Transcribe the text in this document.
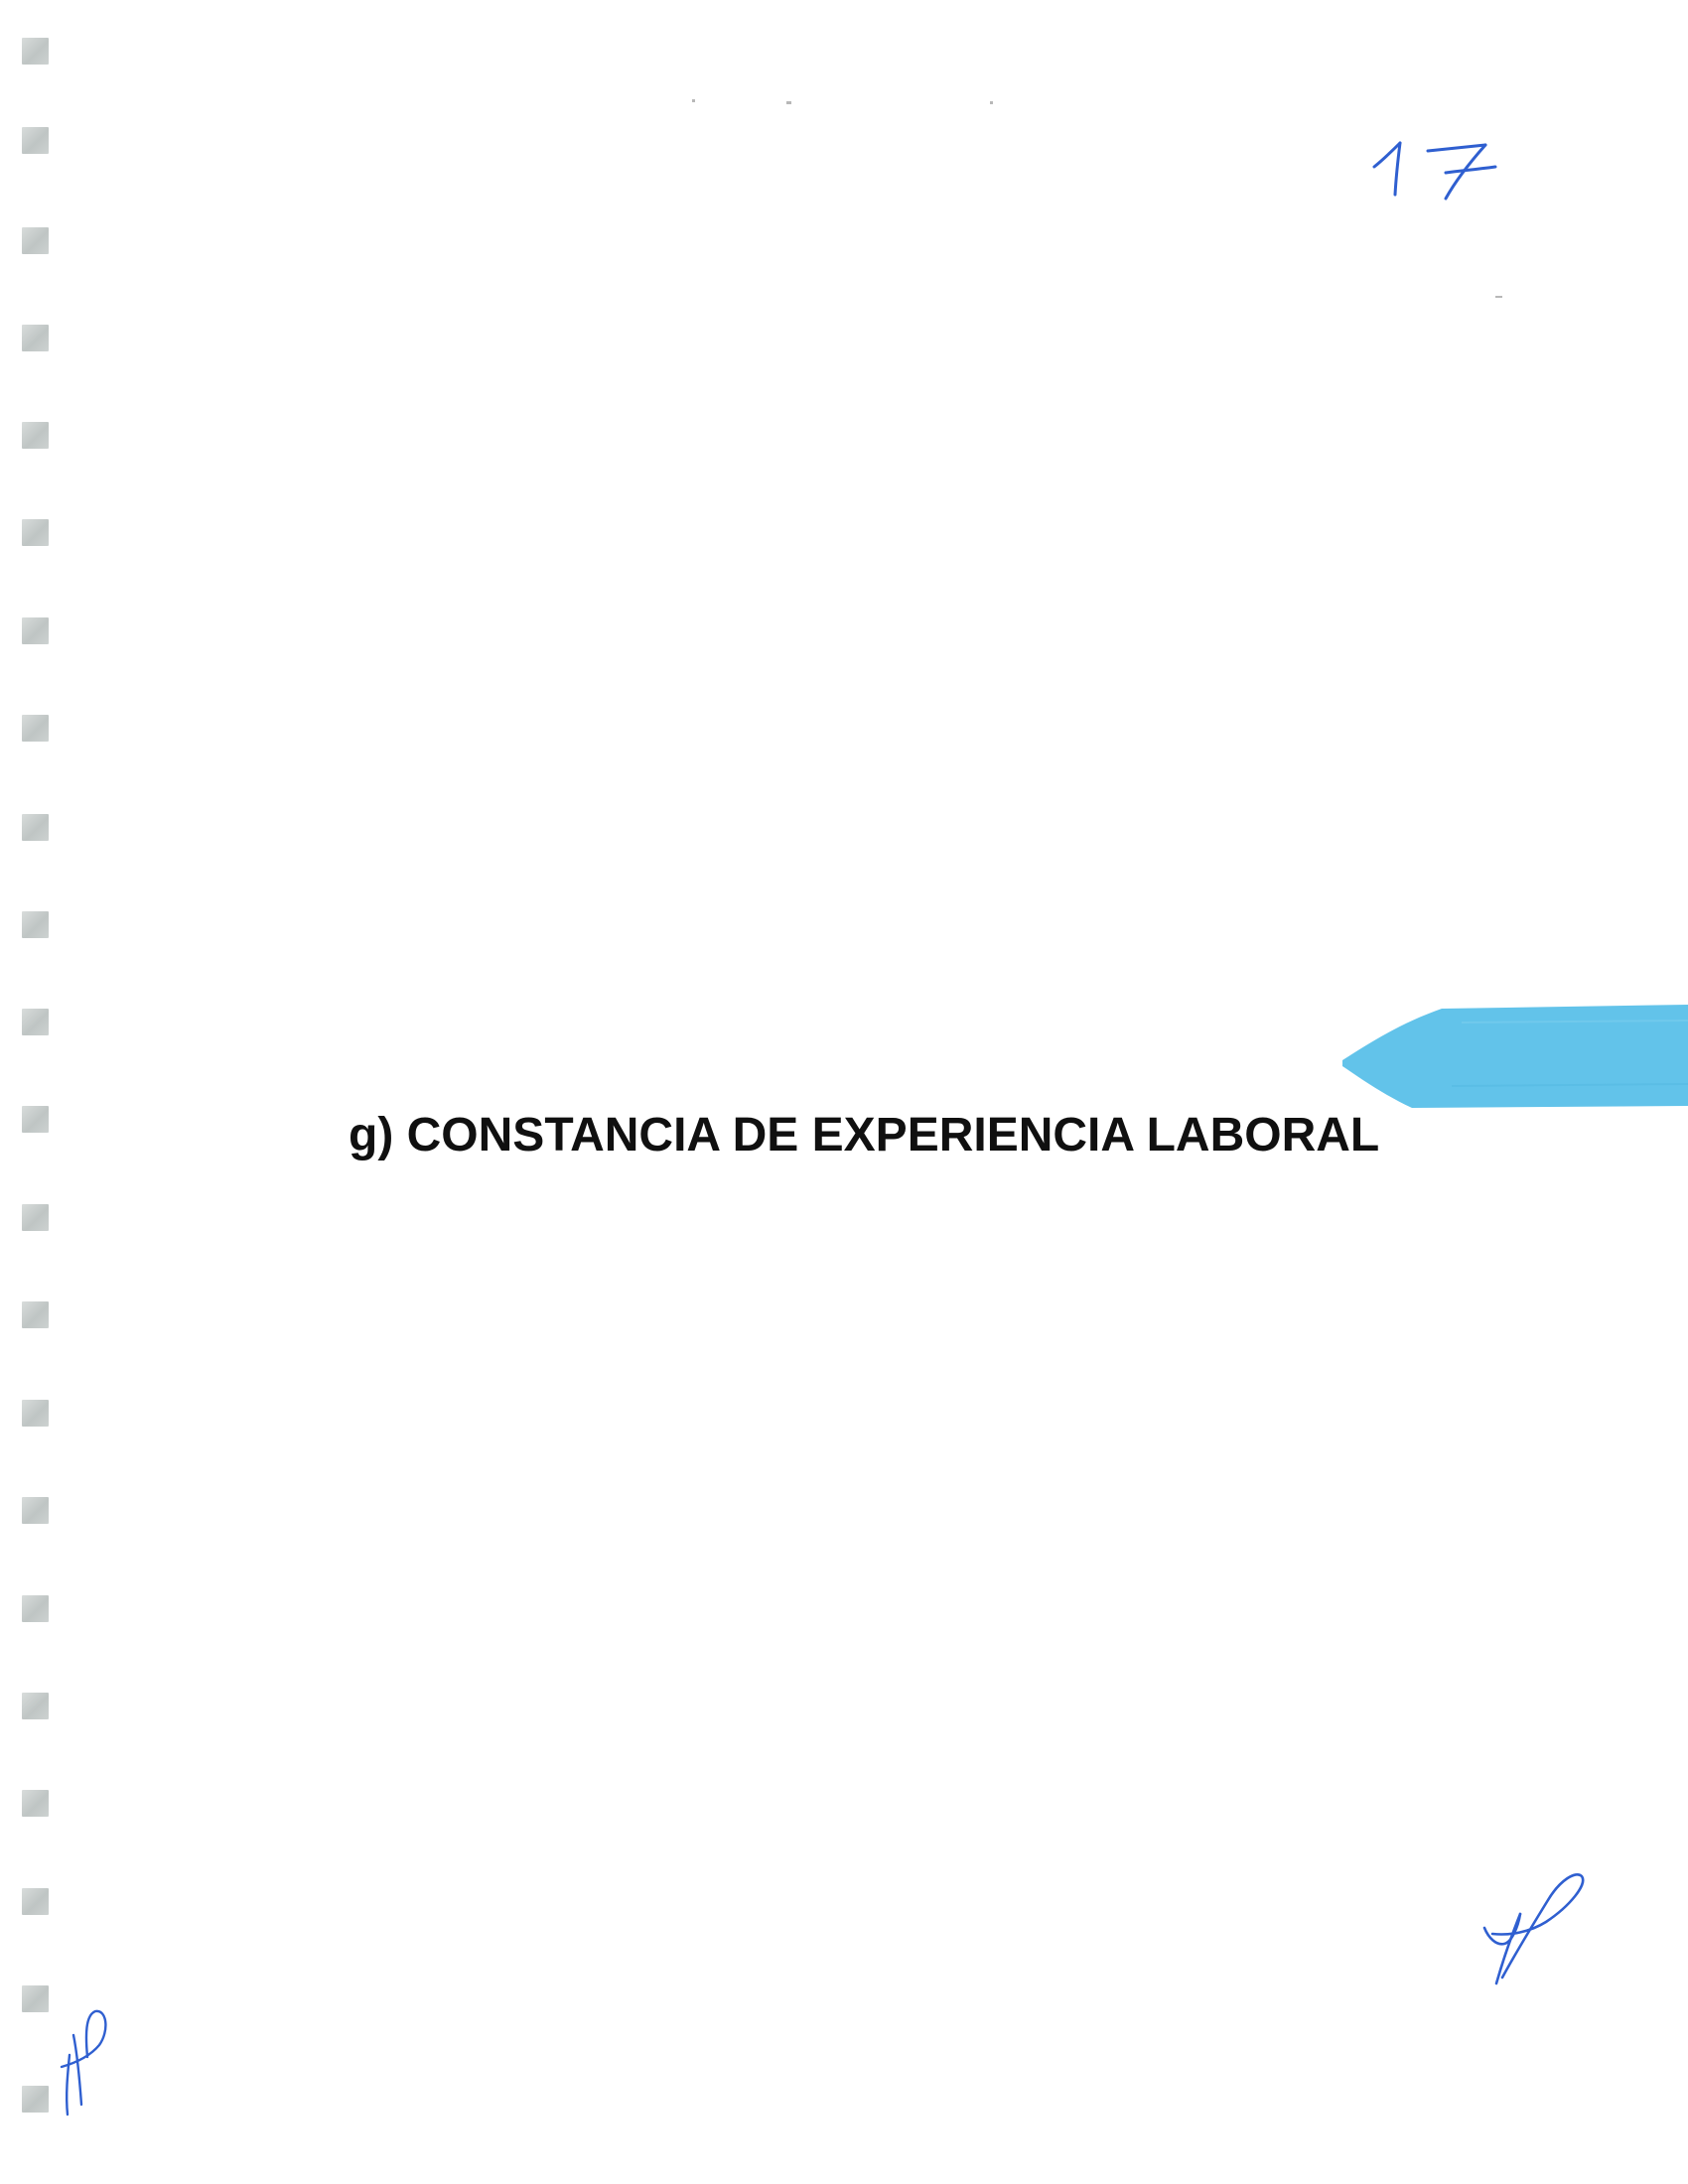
g) CONSTANCIA DE EXPERIENCIA LABORAL
